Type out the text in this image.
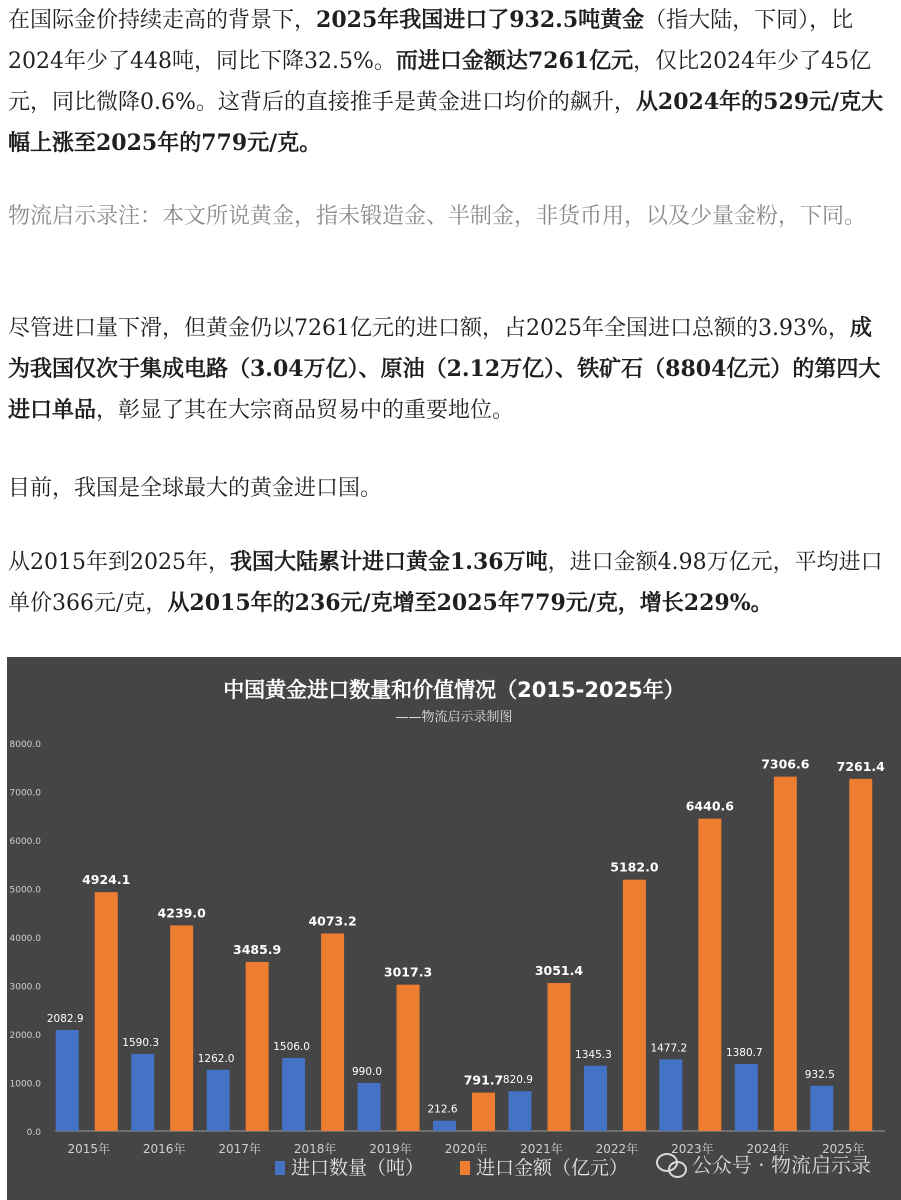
在国际金价持续走高的背景下，2025年我国进口了932.5吨黄金（指大陆，下同），比2024年少了448吨，同比下降32.5%。而进口金额达7261亿元，仅比2024年少了45亿元，同比微降0.6%。这背后的直接推手是黄金进口均价的飙升，从2024年的529元/克大幅上涨至2025年的779元/克。

物流启示录注：本文所说黄金，指未锻造金、半制金，非货币用，以及少量金粉，下同。

尽管进口量下滑，但黄金仍以7261亿元的进口额，占2025年全国进口总额的3.93%，成为我国仅次于集成电路（3.04万亿）、原油（2.12万亿）、铁矿石（8804亿元）的第四大进口单品，彰显了其在大宗商品贸易中的重要地位。

目前，我国是全球最大的黄金进口国。

从2015年到2025年，我国大陆累计进口黄金1.36万吨，进口金额4.98万亿元，平均进口单价366元/克，从2015年的236元/克增至2025年779元/克，增长229%。

中国黄金进口数量和价值情况（2015-2025年）
——物流启示录制图
0.0
1000.0
2000.0
3000.0
4000.0
5000.0
6000.0
7000.0
8000.0
2015年
2082.9
4924.1
2016年
1590.3
4239.0
2017年
1262.0
3485.9
2018年
1506.0
4073.2
2019年
990.0
3017.3
2020年
212.6
791.7
2021年
820.9
3051.4
2022年
1345.3
5182.0
2023年
1477.2
6440.6
2024年
1380.7
7306.6
2025年
932.5
7261.4
进口数量（吨）	进口金额（亿元）	公众号 · 物流启示录
